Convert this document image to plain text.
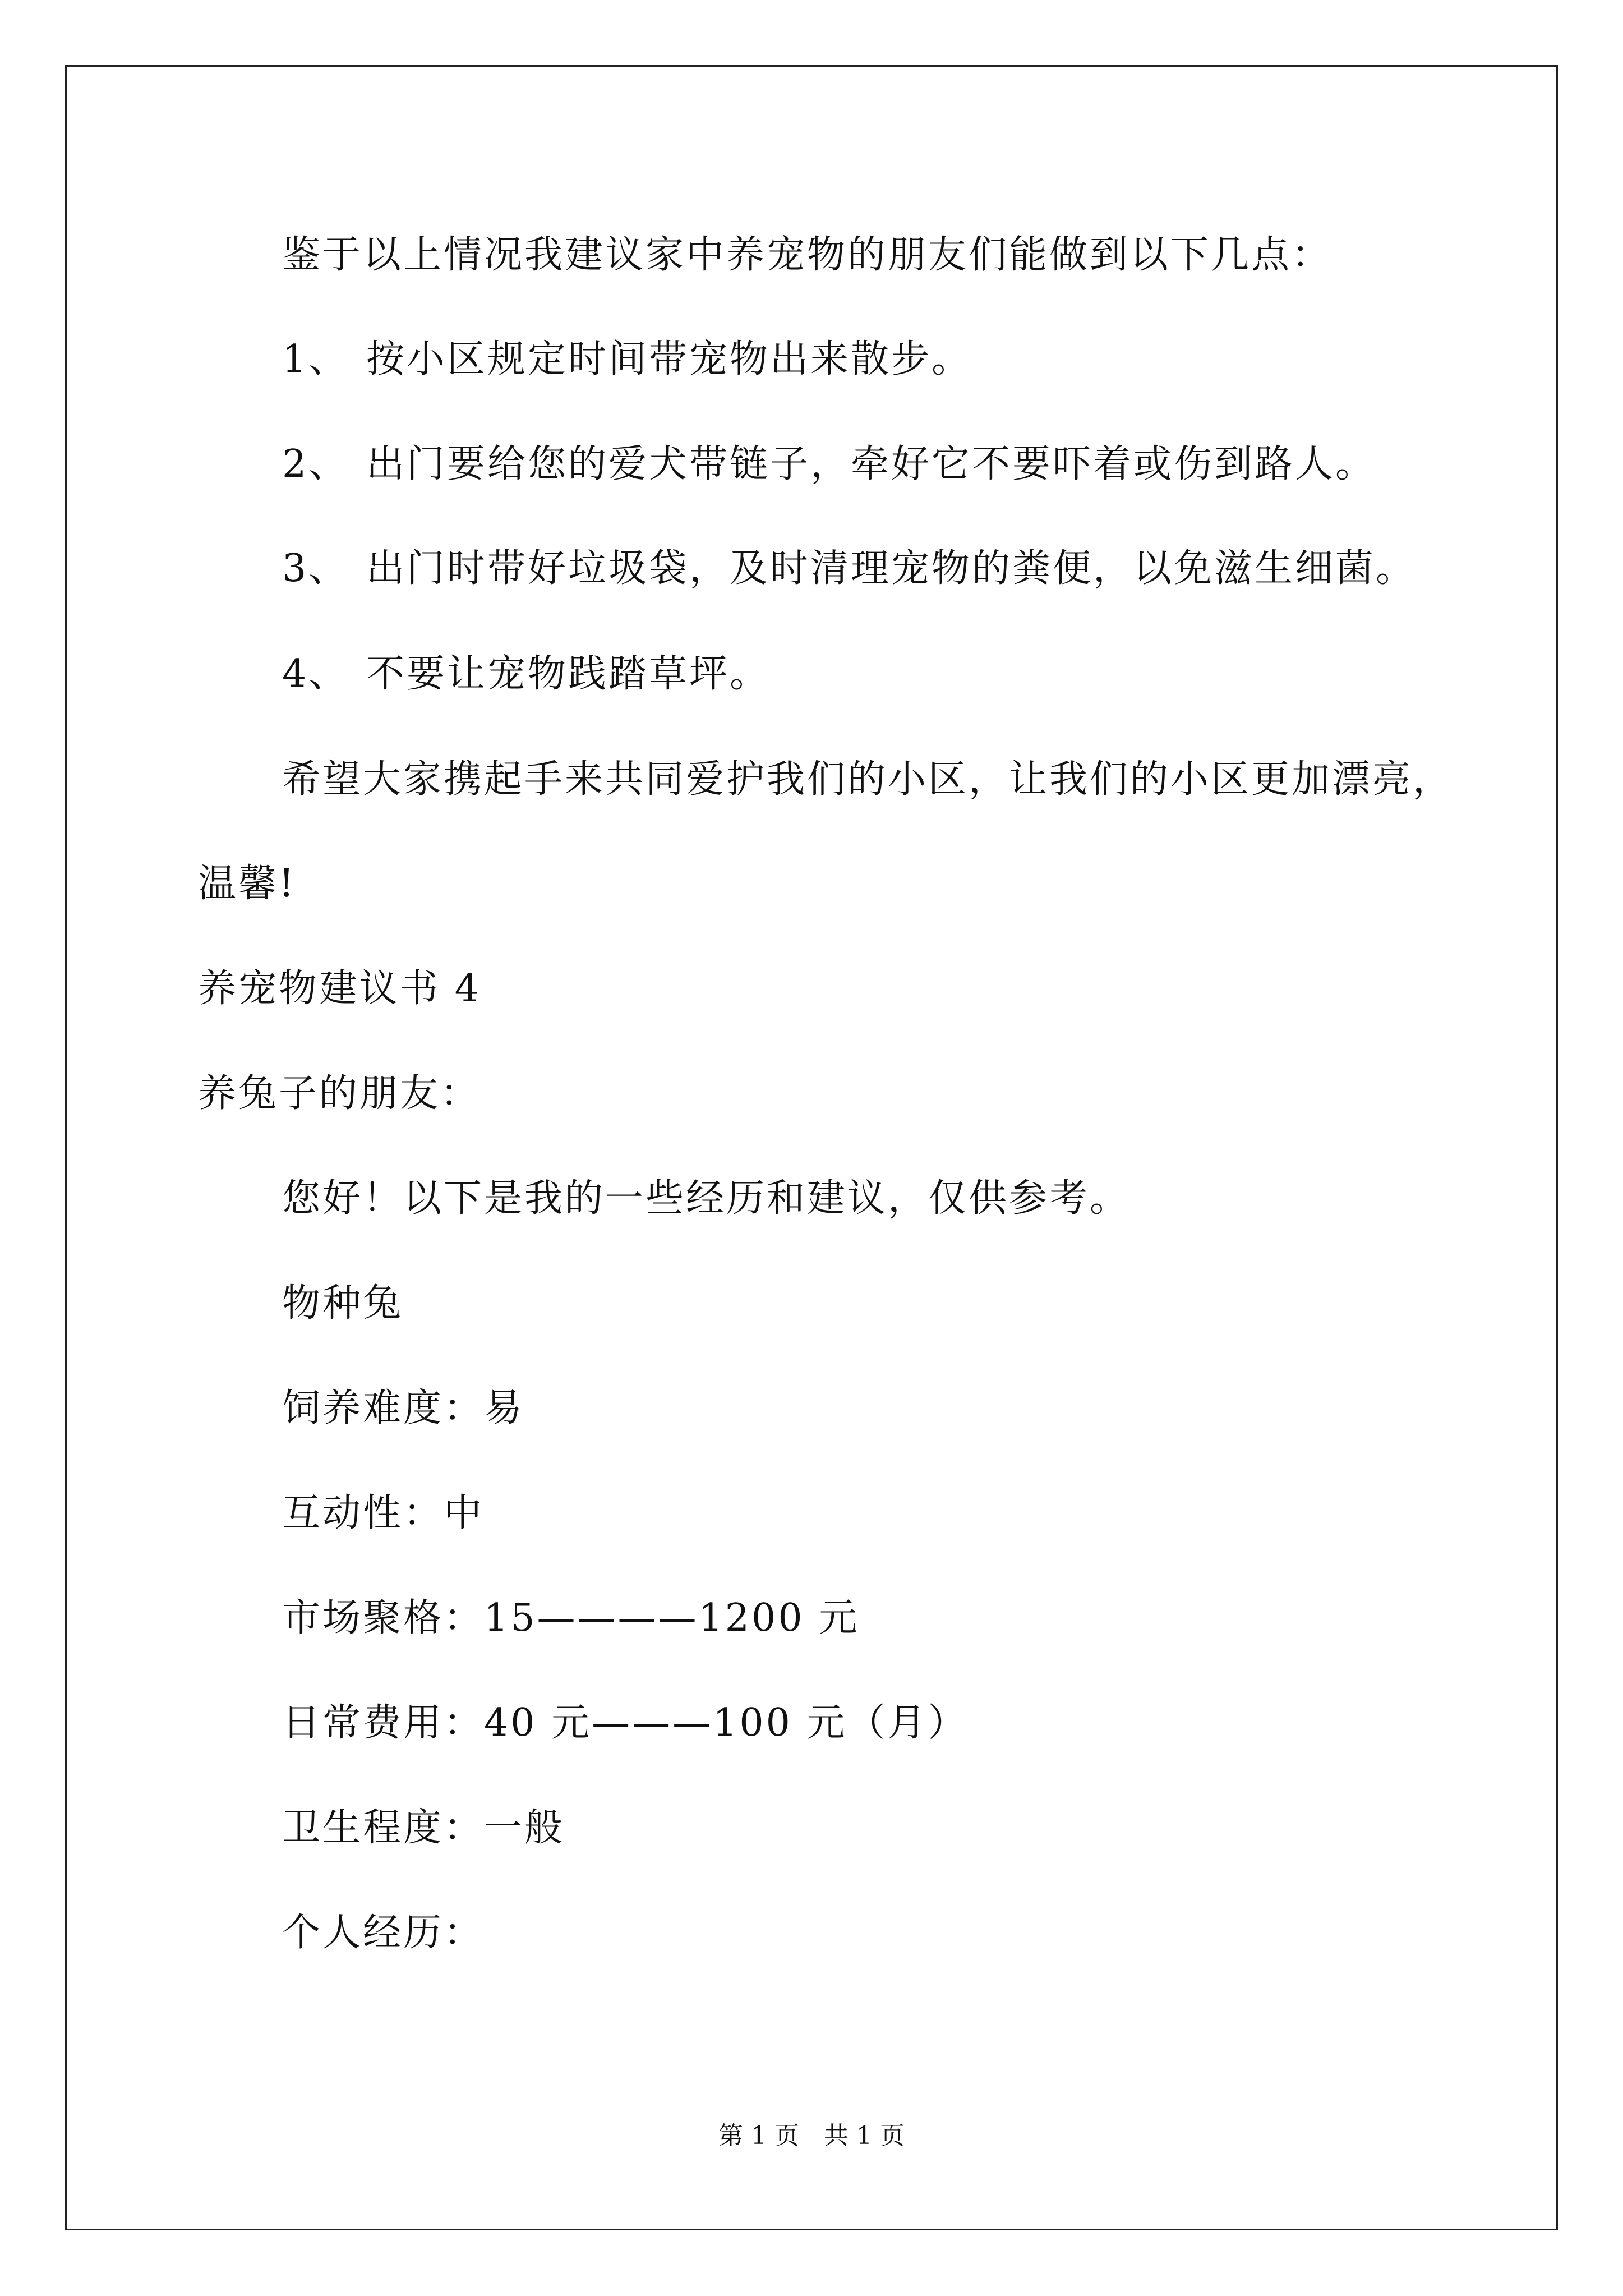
鉴于以上情况我建议家中养宠物的朋友们能做到以下几点：
1、 按小区规定时间带宠物出来散步。
2、 出门要给您的爱犬带链子，牵好它不要吓着或伤到路人。
3、 出门时带好垃圾袋，及时清理宠物的粪便，以免滋生细菌。
4、 不要让宠物践踏草坪。
希望大家携起手来共同爱护我们的小区，让我们的小区更加漂亮，
温馨!
养宠物建议书 4
养兔子的朋友：
您好！以下是我的一些经历和建议，仅供参考。
物种兔
饲养难度：易
互动性：中
市场聚格：15————1200 元
日常费用：40 元———100 元（月）
卫生程度：一般
个人经历：
第 1 页 共 1 页
